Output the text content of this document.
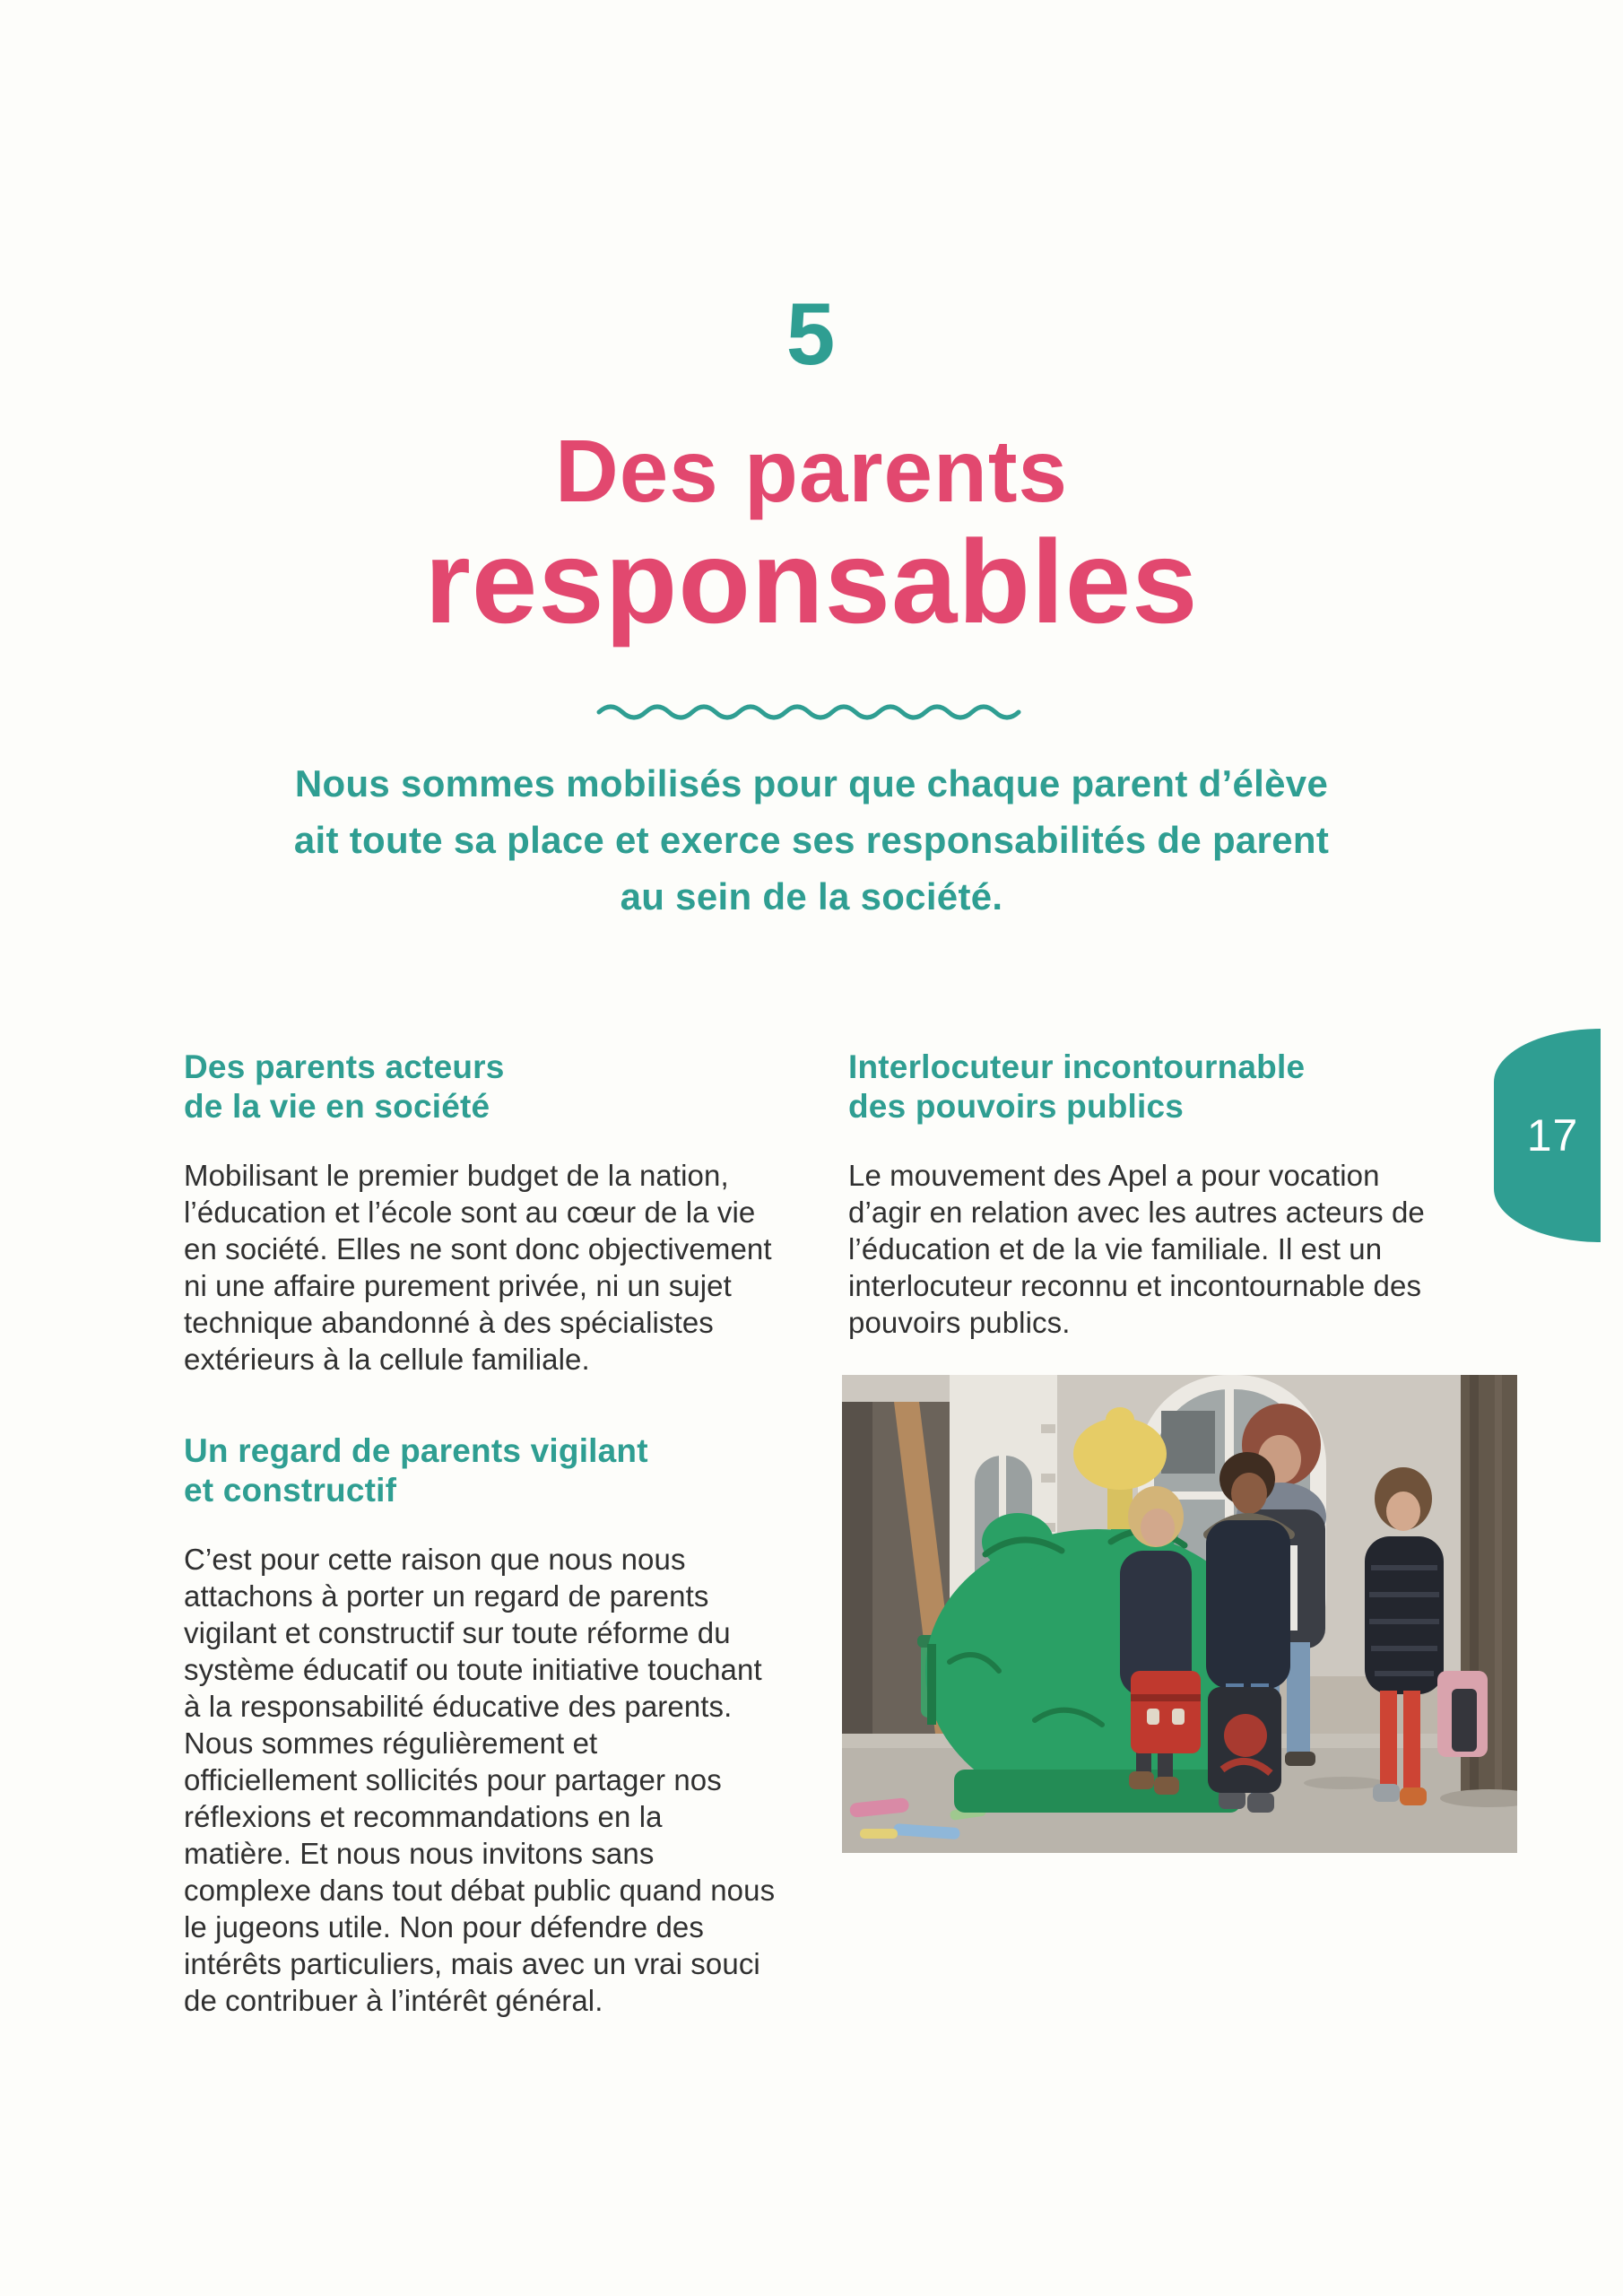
5
Des parents
responsables
Nous sommes mobilisés pour que chaque parent d’élève
ait toute sa place et exerce ses responsabilités de parent
au sein de la société.
Des parents acteurs
de la vie en société

Mobilisant le premier budget de la nation, l’éducation et l’école sont au cœur de la vie en société. Elles ne sont donc objectivement ni une affaire purement privée, ni un sujet technique abandonné à des spécialistes extérieurs à la cellule familiale.

Un regard de parents vigilant
et constructif

C’est pour cette raison que nous nous attachons à porter un regard de parents vigilant et constructif sur toute réforme du système éducatif ou toute initiative touchant à la responsabilité éducative des parents. Nous sommes régulièrement et officiellement sollicités pour partager nos réflexions et recommandations en la matière. Et nous nous invitons sans complexe dans tout débat public quand nous le jugeons utile. Non pour défendre des intérêts particuliers, mais avec un vrai souci de contribuer à l’intérêt général.

Interlocuteur incontournable
des pouvoirs publics

Le mouvement des Apel a pour vocation d’agir en relation avec les autres acteurs de l’éducation et de la vie familiale. Il est un interlocuteur reconnu et incontournable des pouvoirs publics.

17
